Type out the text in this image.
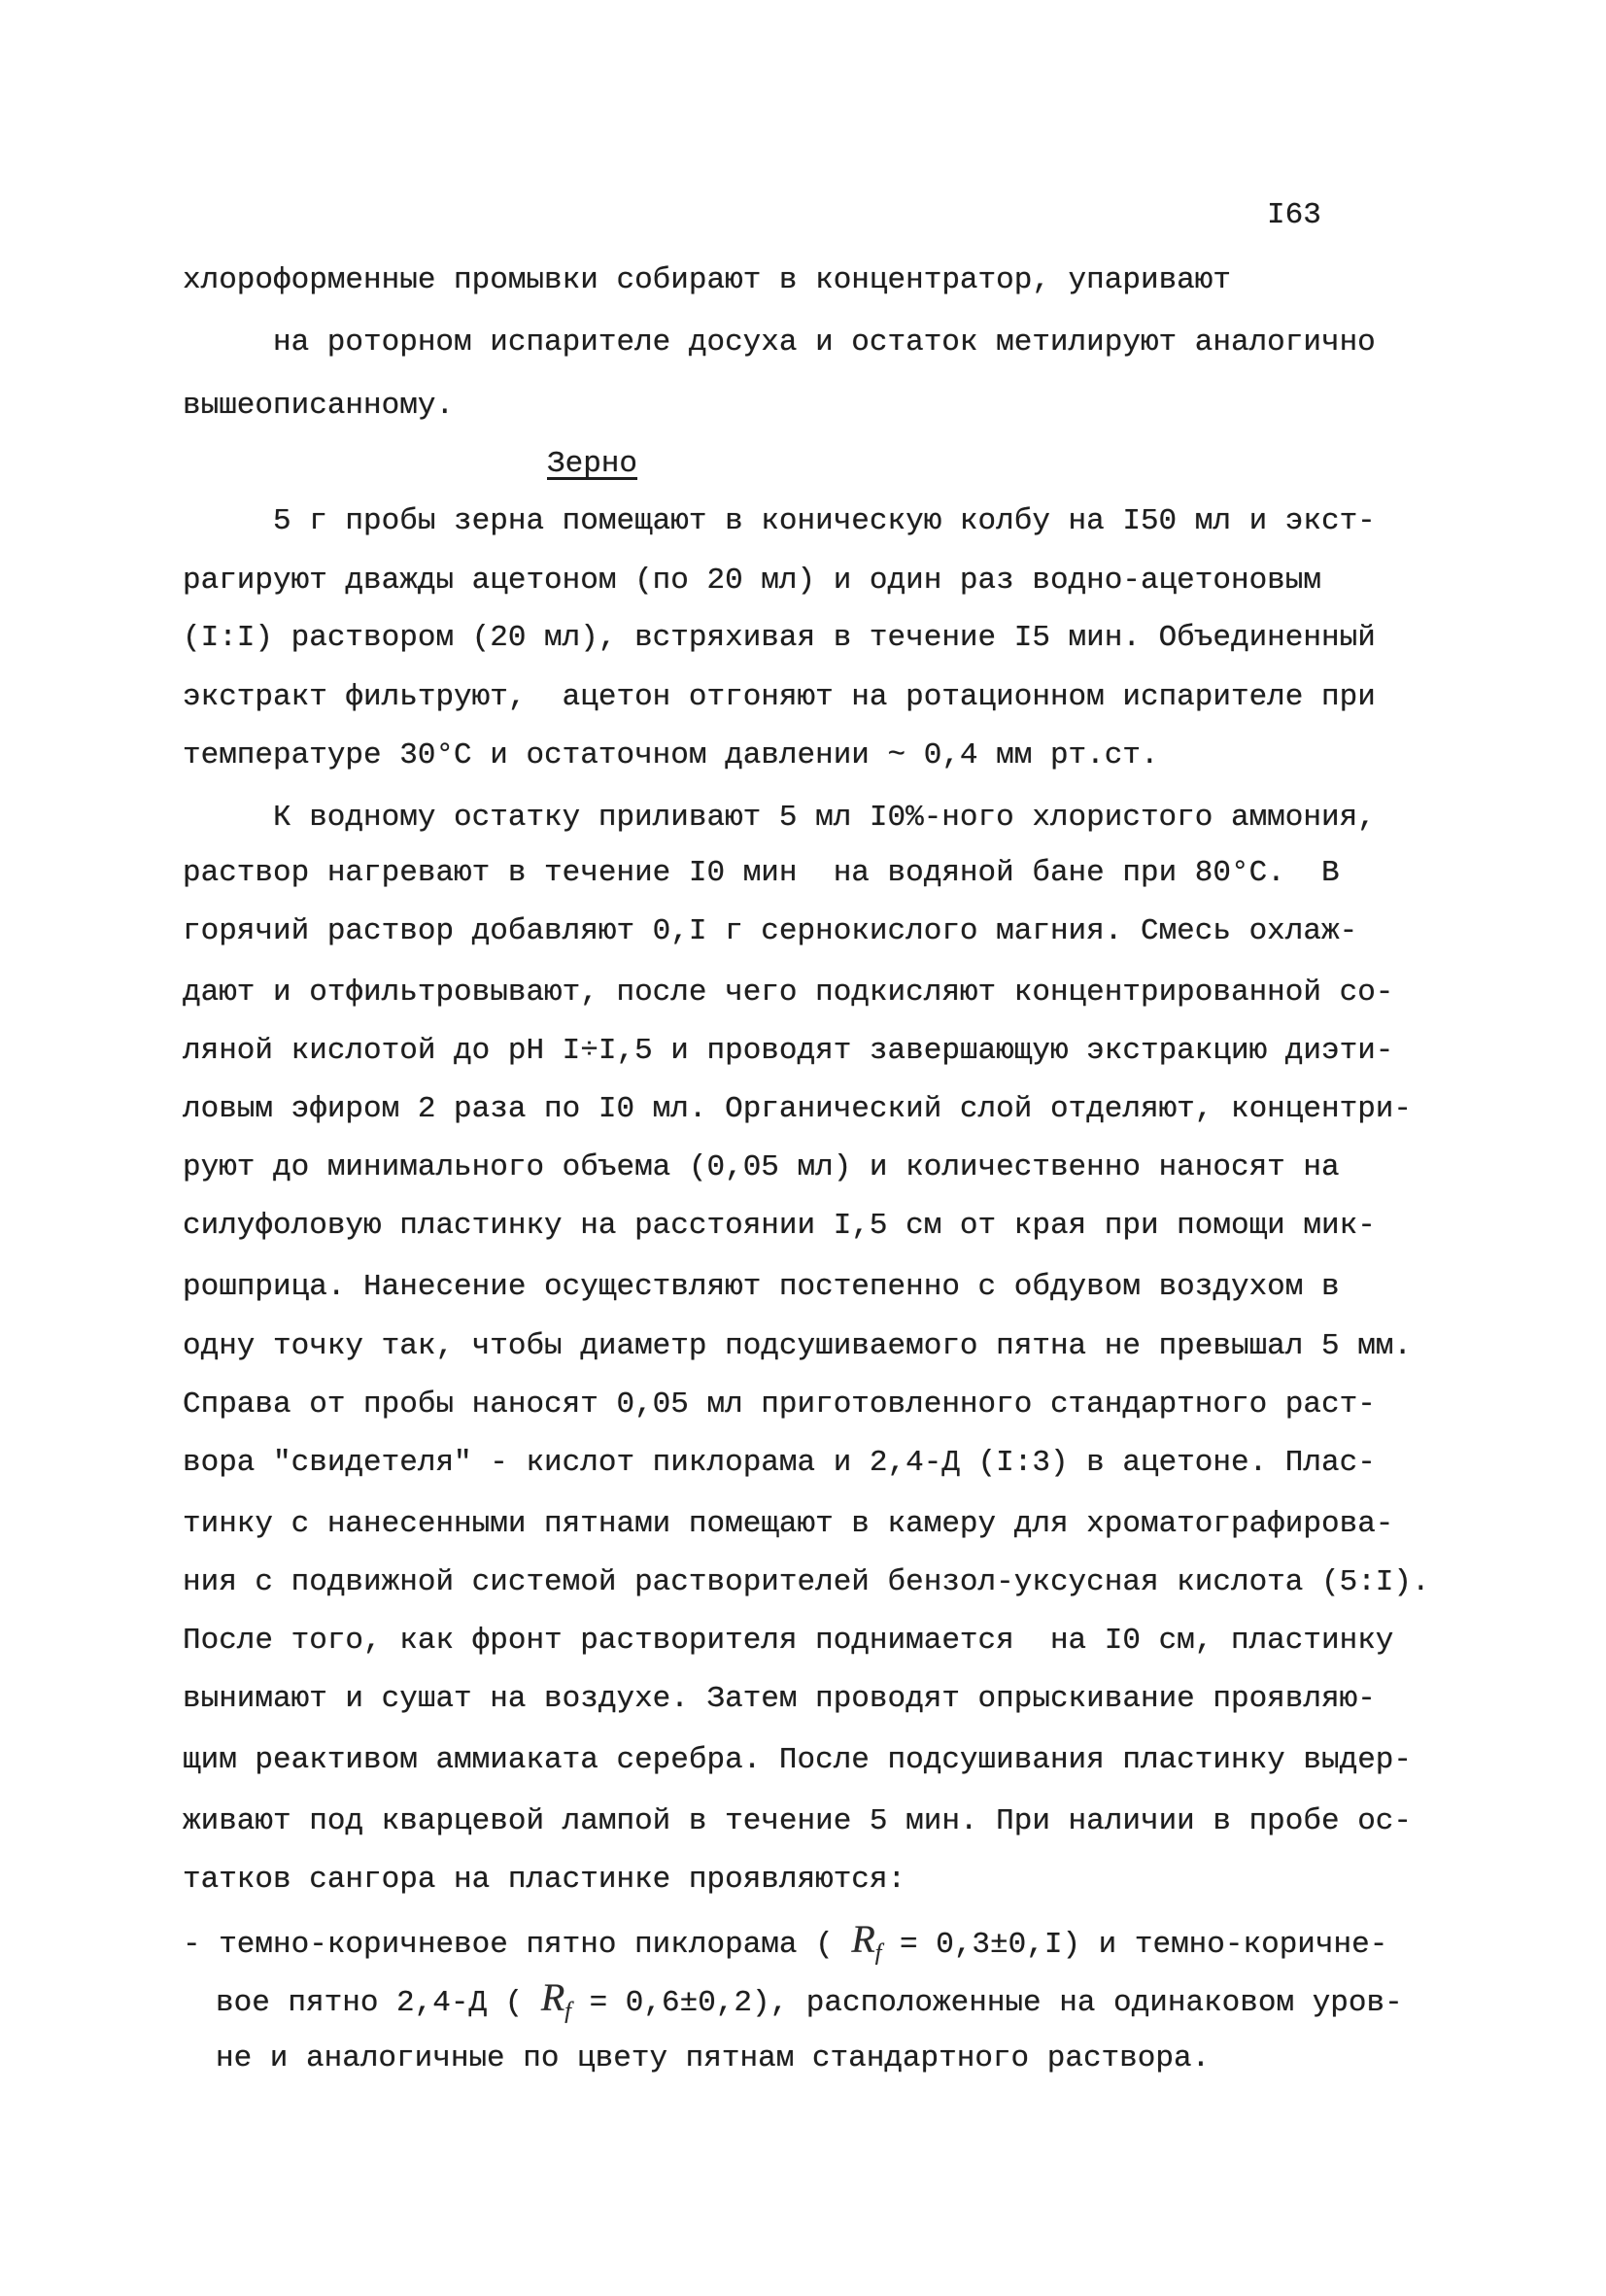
I63
хлороформенные промывки собирают в концентратор, упаривают
на роторном испарителе досуха и остаток метилируют аналогично
вышеописанному.
Зерно
5 г пробы зерна помещают в коническую колбу на I50 мл и экст-
рагируют дважды ацетоном (по 20 мл) и один раз водно-ацетоновым
(I:I) раствором (20 мл), встряхивая в течение I5 мин. Объединенный
экстракт фильтруют,  ацетон отгоняют на ротационном испарителе при
температуре 30°С и остаточном давлении ~ 0,4 мм рт.ст.
К водному остатку приливают 5 мл I0%-ного хлористого аммония,
раствор нагревают в течение I0 мин  на водяной бане при 80°С.  В
горячий раствор добавляют 0,I г сернокислого магния. Смесь охлаж-
дают и отфильтровывают, после чего подкисляют концентрированной со-
ляной кислотой до pH I÷I,5 и проводят завершающую экстракцию диэти-
ловым эфиром 2 раза по I0 мл. Органический слой отделяют, концентри-
руют до минимального объема (0,05 мл) и количественно наносят на
силуфоловую пластинку на расстоянии I,5 см от края при помощи мик-
рошприца. Нанесение осуществляют постепенно с обдувом воздухом в
одну точку так, чтобы диаметр подсушиваемого пятна не превышал 5 мм.
Справа от пробы наносят 0,05 мл приготовленного стандартного раст-
вора "свидетеля" - кислот пиклорама и 2,4-Д (I:3) в ацетоне. Плас-
тинку с нанесенными пятнами помещают в камеру для хроматографирова-
ния с подвижной системой растворителей бензол-уксусная кислота (5:I).
После того, как фронт растворителя поднимается  на I0 см, пластинку
вынимают и сушат на воздухе. Затем проводят опрыскивание проявляю-
щим реактивом аммиаката серебра. После подсушивания пластинку выдер-
живают под кварцевой лампой в течение 5 мин. При наличии в пробе ос-
татков сангора на пластинке проявляются:
- темно-коричневое пятно пиклорама ( $R_f = 0,3\pm 0,I$) и темно-коричне-
вое пятно 2,4-Д ( $R_f = 0,6\pm 0,2$), расположенные на одинаковом уров-
не и аналогичные по цвету пятнам стандартного раствора.
